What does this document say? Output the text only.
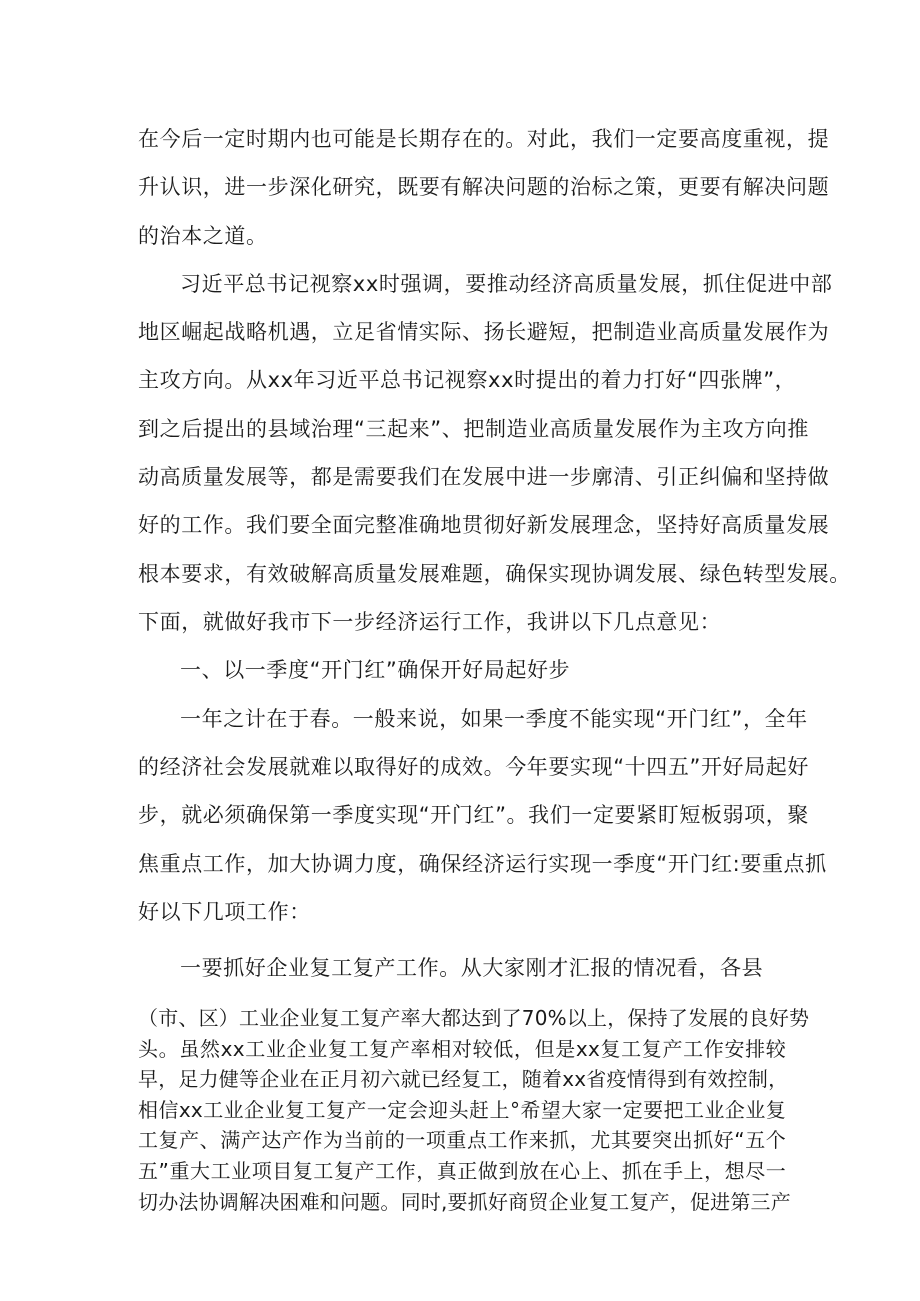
在今后一定时期内也可能是长期存在的。对此，我们一定要高度重视，提
升认识，进一步深化研究，既要有解决问题的治标之策，更要有解决问题
的治本之道。
习近平总书记视察xx时强调，要推动经济高质量发展，抓住促进中部
地区崛起战略机遇，立足省情实际、扬长避短，把制造业高质量发展作为
主攻方向。从xx年习近平总书记视察xx时提出的着力打好“四张牌”，
到之后提出的县域治理“三起来”、把制造业高质量发展作为主攻方向推
动高质量发展等，都是需要我们在发展中进一步廓清、引正纠偏和坚持做
好的工作。我们要全面完整准确地贯彻好新发展理念，坚持好高质量发展
根本要求，有效破解高质量发展难题，确保实现协调发展、绿色转型发展。
下面，就做好我市下一步经济运行工作，我讲以下几点意见：
一、以一季度“开门红”确保开好局起好步
一年之计在于春。一般来说，如果一季度不能实现“开门红”，全年
的经济社会发展就难以取得好的成效。今年要实现“十四五”开好局起好
步，就必须确保第一季度实现“开门红”。我们一定要紧盯短板弱项，聚
焦重点工作，加大协调力度，确保经济运行实现一季度“开门红:要重点抓
好以下几项工作：
一要抓好企业复工复产工作。从大家刚才汇报的情况看，各县
（市、区）工业企业复工复产率大都达到了70%以上，保持了发展的良好势
头。虽然xx工业企业复工复产率相对较低，但是xx复工复产工作安排较
早，足力健等企业在正月初六就已经复工，随着xx省疫情得到有效控制，
相信xx工业企业复工复产一定会迎头赶上°希望大家一定要把工业企业复
工复产、满产达产作为当前的一项重点工作来抓，尤其要突出抓好“五个
五”重大工业项目复工复产工作，真正做到放在心上、抓在手上，想尽一
切办法协调解决困难和问题。同时,要抓好商贸企业复工复产，促进第三产
